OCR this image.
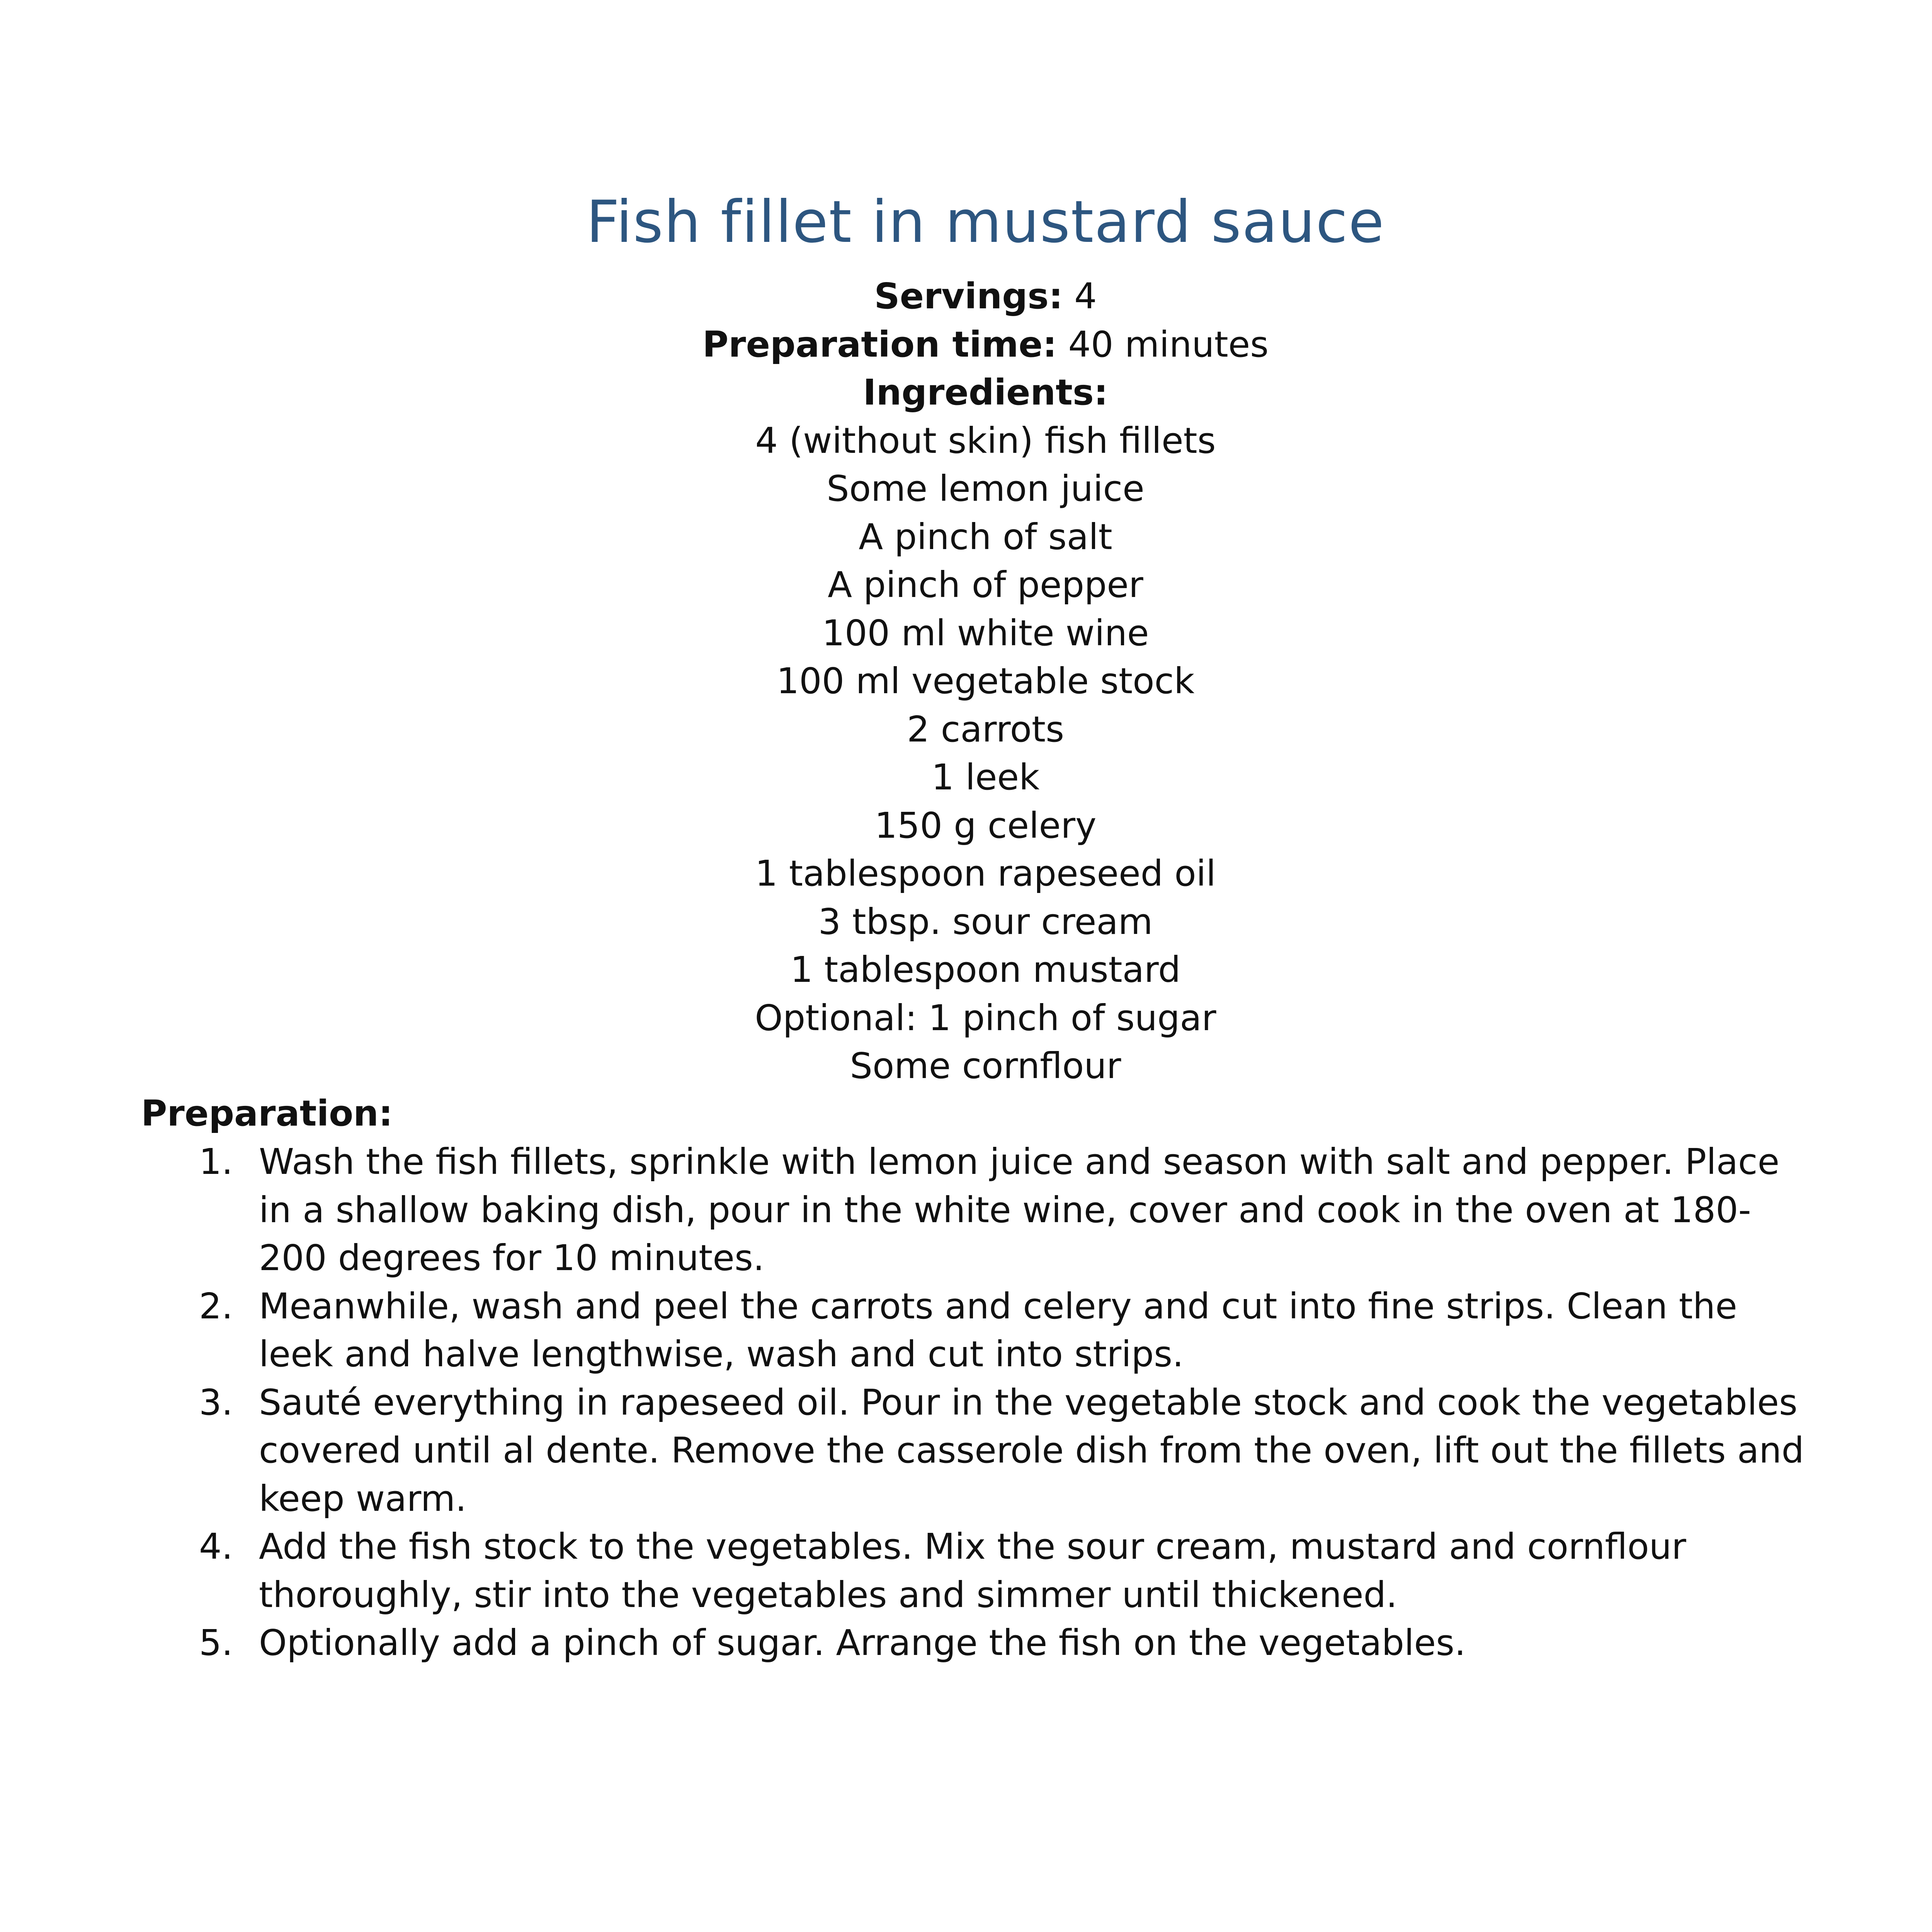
Fish fillet in mustard sauce
Servings: 4
Preparation time: 40 minutes
Ingredients:
4 (without skin) fish fillets
Some lemon juice
A pinch of salt
A pinch of pepper
100 ml white wine
100 ml vegetable stock
2 carrots
1 leek
150 g celery
1 tablespoon rapeseed oil
3 tbsp. sour cream
1 tablespoon mustard
Optional: 1 pinch of sugar
Some cornflour
Preparation:
1. Wash the fish fillets, sprinkle with lemon juice and season with salt and pepper. Place in a shallow baking dish, pour in the white wine, cover and cook in the oven at 180-200 degrees for 10 minutes.
2. Meanwhile, wash and peel the carrots and celery and cut into fine strips. Clean the leek and halve lengthwise, wash and cut into strips.
3. Sauté everything in rapeseed oil. Pour in the vegetable stock and cook the vegetables covered until al dente. Remove the casserole dish from the oven, lift out the fillets and keep warm.
4. Add the fish stock to the vegetables. Mix the sour cream, mustard and cornflour thoroughly, stir into the vegetables and simmer until thickened.
5. Optionally add a pinch of sugar. Arrange the fish on the vegetables.
